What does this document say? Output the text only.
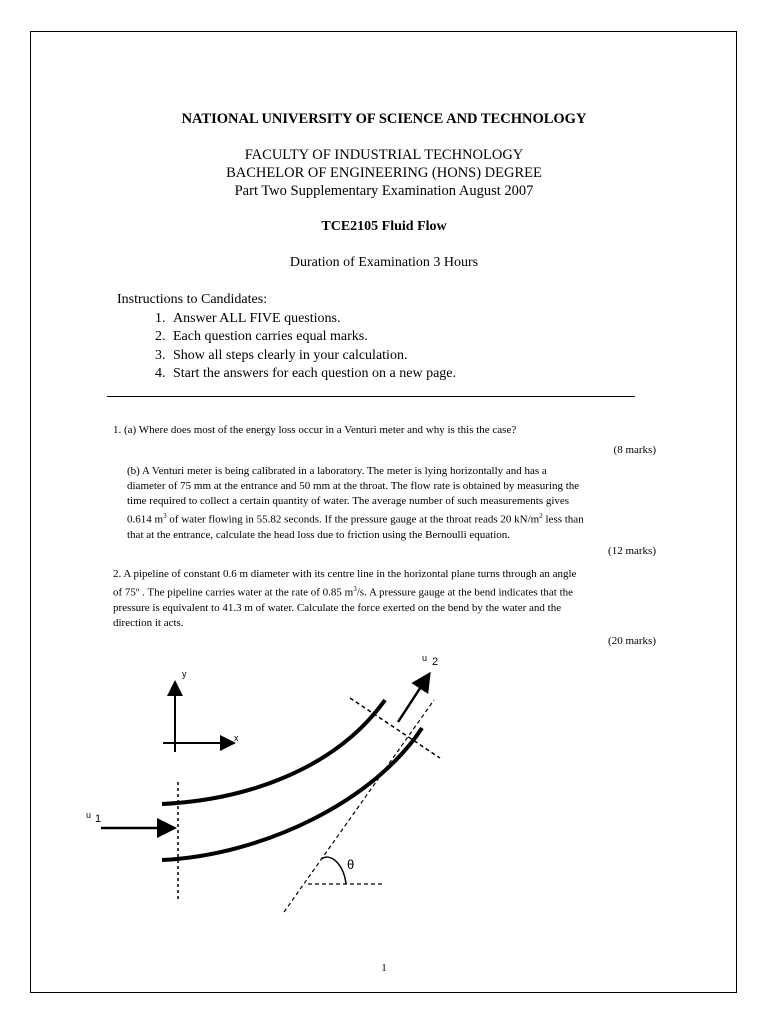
NATIONAL UNIVERSITY OF SCIENCE AND TECHNOLOGY
FACULTY OF INDUSTRIAL TECHNOLOGY
BACHELOR OF ENGINEERING (HONS) DEGREE
Part Two Supplementary Examination August 2007
TCE2105 Fluid Flow
Duration of Examination 3 Hours
Instructions to Candidates:
1. Answer ALL FIVE questions.
2. Each question carries equal marks.
3. Show all steps clearly in your calculation.
4. Start the answers for each question on a new page.
1. (a) Where does most of the energy loss occur in a Venturi meter and why is this the case?
(8 marks)
(b) A Venturi meter is being calibrated in a laboratory. The meter is lying horizontally and has a
diameter of 75 mm at the entrance and 50 mm at the throat. The flow rate is obtained by measuring the
time required to collect a certain quantity of water. The average number of such measurements gives
0.614 $m^3$ of water flowing in 55.82 seconds. If the pressure gauge at the throat reads 20 $kN/m^2$ less than
that at the entrance, calculate the head loss due to friction using the Bernoulli equation.
(12 marks)
2. A pipeline of constant 0.6 m diameter with its centre line in the horizontal plane turns through an angle
of 75º . The pipeline carries water at the rate of 0.85 $m^3/s$. A pressure gauge at the bend indicates that the
pressure is equivalent to 41.3 m of water. Calculate the force exerted on the bend by the water and the
direction it acts.
(20 marks)
y
x
θ
u 1
u 2
1
